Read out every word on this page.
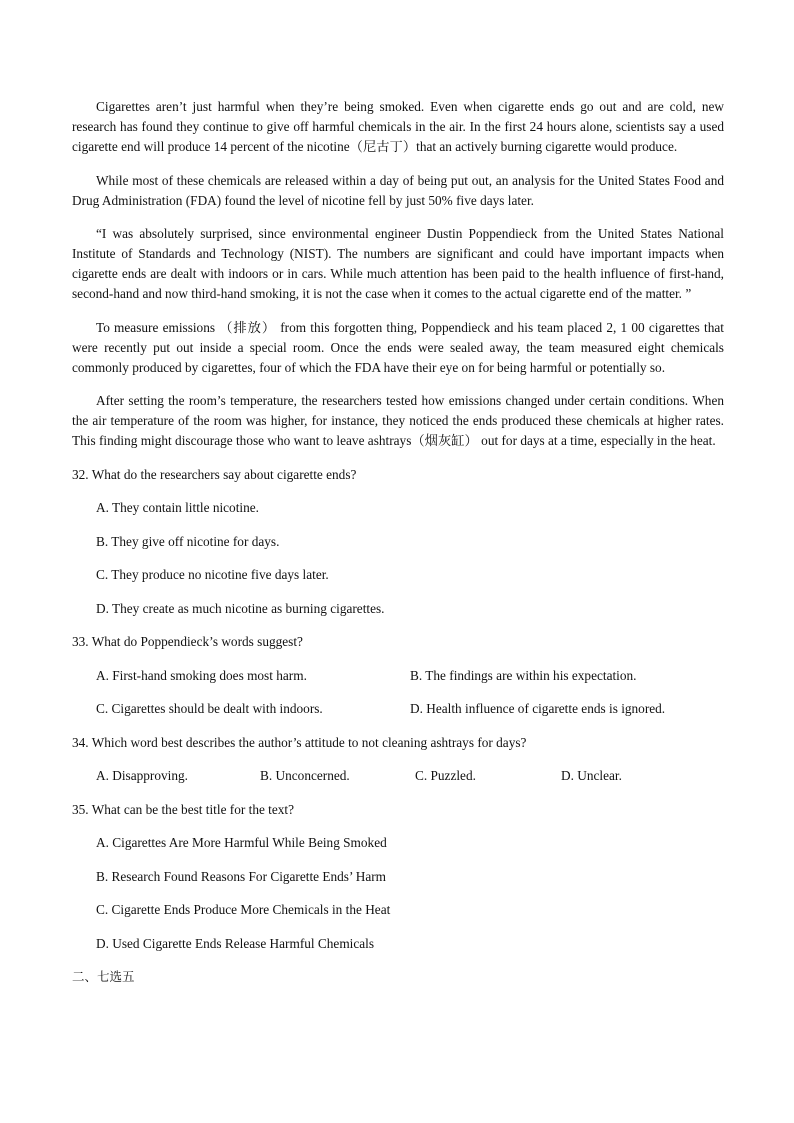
Cigarettes aren’t just harmful when they’re being smoked. Even when cigarette ends go out and are cold, new research has found they continue to give off harmful chemicals in the air. In the first 24 hours alone, scientists say a used cigarette end will produce 14 percent of the nicotine（尼古丁）that an actively burning cigarette would produce.

While most of these chemicals are released within a day of being put out, an analysis for the United States Food and Drug Administration (FDA) found the level of nicotine fell by just 50% five days later.

“I was absolutely surprised, since environmental engineer Dustin Poppendieck from the United States National Institute of Standards and Technology (NIST). The numbers are significant and could have important impacts when cigarette ends are dealt with indoors or in cars. While much attention has been paid to the health influence of first-hand, second-hand and now third-hand smoking, it is not the case when it comes to the actual cigarette end of the matter. ”

To measure emissions （排放） from this forgotten thing, Poppendieck and his team placed 2, 1 00 cigarettes that were recently put out inside a special room. Once the ends were sealed away, the team measured eight chemicals commonly produced by cigarettes, four of which the FDA have their eye on for being harmful or potentially so.

After setting the room’s temperature, the researchers tested how emissions changed under certain conditions. When the air temperature of the room was higher, for instance, they noticed the ends produced these chemicals at higher rates. This finding might discourage those who want to leave ashtrays（烟灰缸） out for days at a time, especially in the heat.

32. What do the researchers say about cigarette ends?
A. They contain little nicotine.
B. They give off nicotine for days.
C. They produce no nicotine five days later.
D. They create as much nicotine as burning cigarettes.
33. What do Poppendieck’s words suggest?
A. First-hand smoking does most harm.	B. The findings are within his expectation.
C. Cigarettes should be dealt with indoors.	D. Health influence of cigarette ends is ignored.
34. Which word best describes the author’s attitude to not cleaning ashtrays for days?
A. Disapproving.	B. Unconcerned.	C. Puzzled.	D. Unclear.
35. What can be the best title for the text?
A. Cigarettes Are More Harmful While Being Smoked
B. Research Found Reasons For Cigarette Ends’ Harm
C. Cigarette Ends Produce More Chemicals in the Heat
D. Used Cigarette Ends Release Harmful Chemicals
二、七选五
